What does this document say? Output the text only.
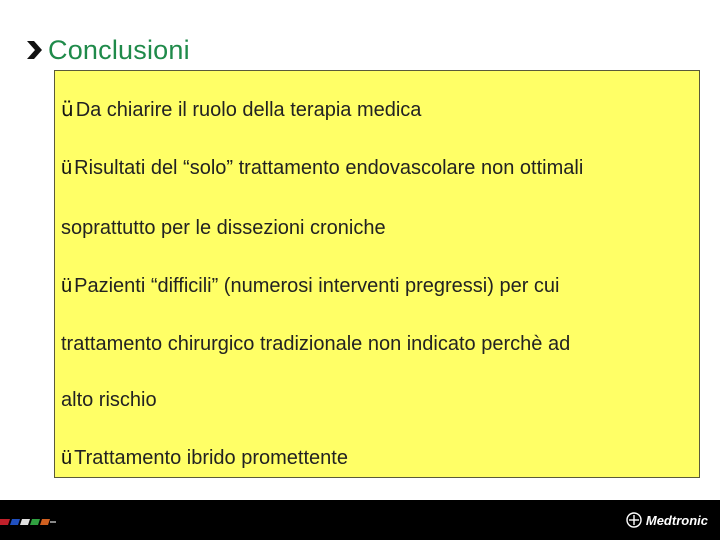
Conclusioni
ü Da chiarire il ruolo della terapia medica
ü Risultati del “solo” trattamento endovascolare non ottimali
soprattutto per le dissezioni croniche
ü Pazienti “difficili” (numerosi interventi pregressi) per cui
trattamento chirurgico tradizionale non indicato perchè ad
alto rischio
ü Trattamento ibrido promettente
Medtronic
